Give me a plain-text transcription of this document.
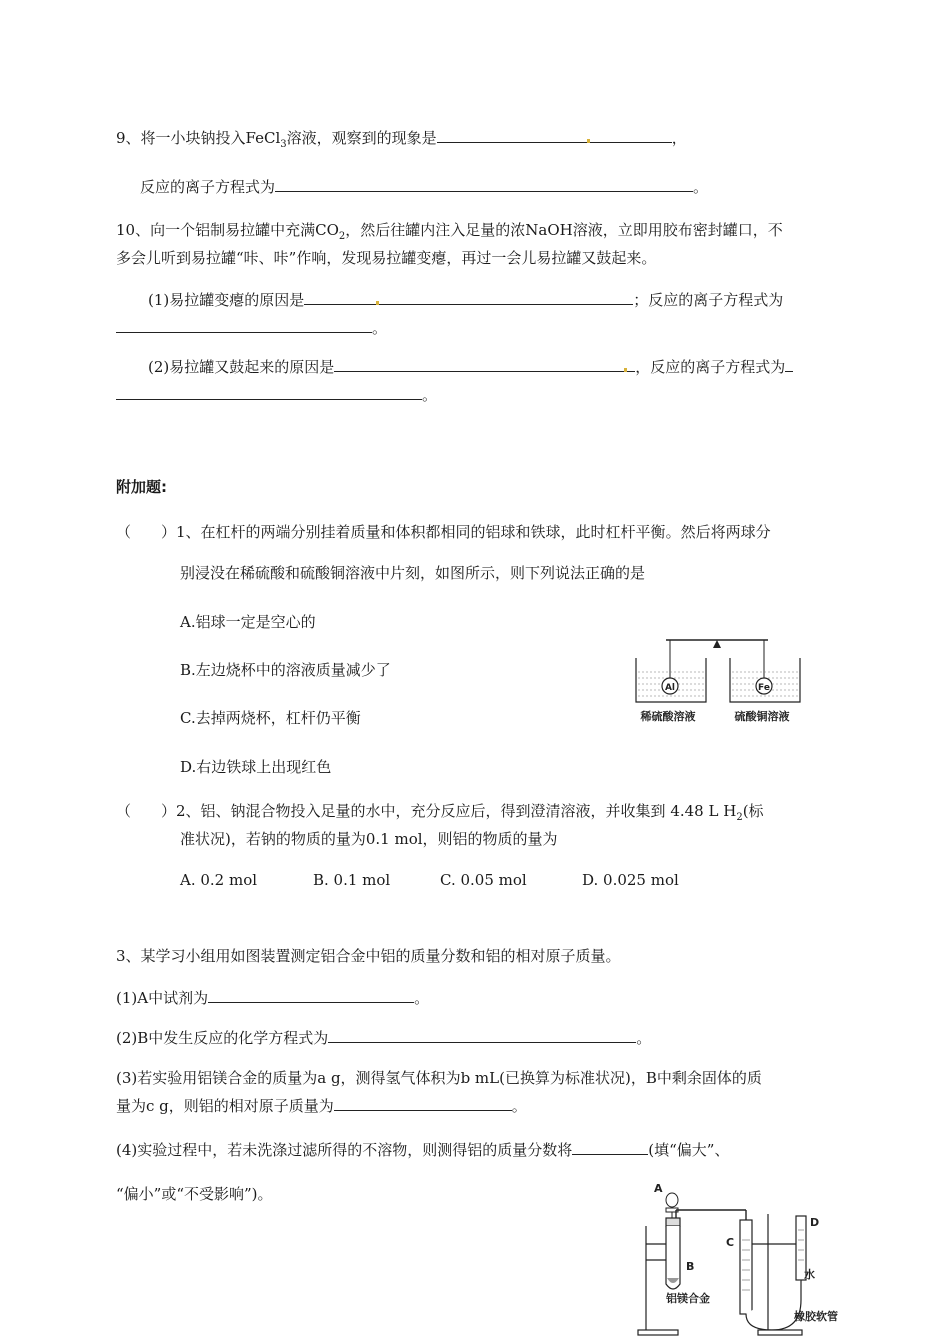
9、将一小块钠投入FeCl$_3$溶液，观察到的现象是	，
反应的离子方程式为	。
10、向一个铝制易拉罐中充满$CO_2$，然后往罐内注入足量的浓NaOH溶液，立即用胶布密封罐口，不
多会儿听到易拉罐“咔、咔”作响，发现易拉罐变瘪，再过一会儿易拉罐又鼓起来。
(1)易拉罐变瘪的原因是	；反应的离子方程式为
。
(2)易拉罐又鼓起来的原因是	，反应的离子方程式为
。
附加题:
（　　）1、在杠杆的两端分别挂着质量和体积都相同的铝球和铁球，此时杠杆平衡。然后将两球分
别浸没在稀硫酸和硫酸铜溶液中片刻，如图所示，则下列说法正确的是
A.铝球一定是空心的
B.左边烧杯中的溶液质量减少了
C.去掉两烧杯，杠杆仍平衡
D.右边铁球上出现红色
Al
稀硫酸溶液
Fe
硫酸铜溶液
（　　）2、铝、钠混合物投入足量的水中，充分反应后，得到澄清溶液，并收集到 4.48 L $H_2$(标
准状况)，若钠的物质的量为0.1 mol，则铝的物质的量为
A. 0.2 mol	B. 0.1 mol	C. 0.05 mol	D. 0.025 mol
3、某学习小组用如图装置测定铝合金中铝的质量分数和铝的相对原子质量。
(1)A中试剂为	。
(2)B中发生反应的化学方程式为	。
(3)若实验用铝镁合金的质量为a g，测得氢气体积为b mL(已换算为标准状况)，B中剩余固体的质
量为c g，则铝的相对原子质量为	。
(4)实验过程中，若未洗涤过滤所得的不溶物，则测得铝的质量分数将	(填“偏大”、
“偏小”或“不受影响”)。	A
B
铝镁合金
C
D
水
橡胶软管
